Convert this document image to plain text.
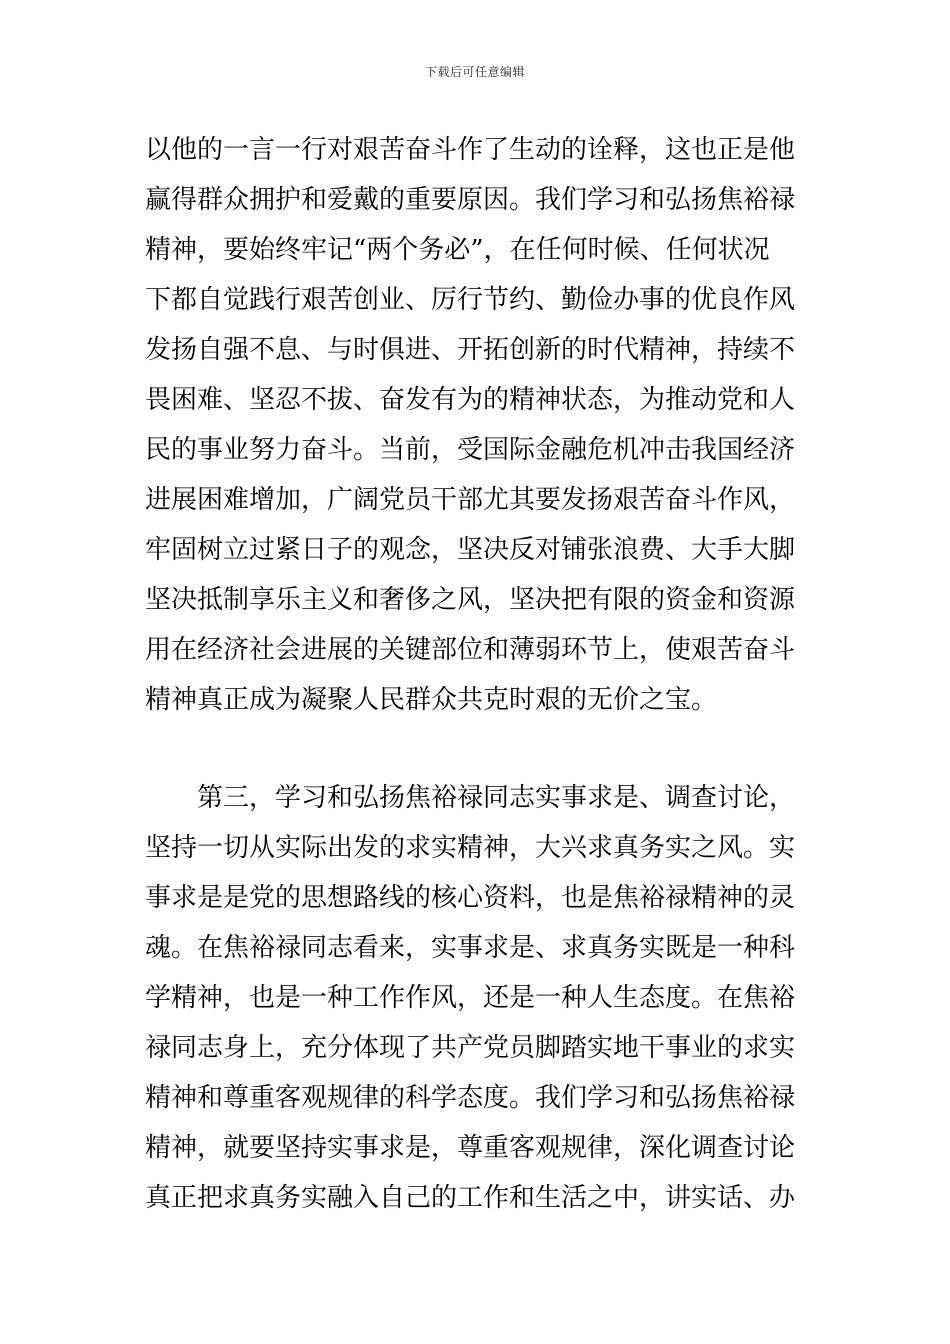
下载后可任意编辑
以他的一言一行对艰苦奋斗作了生动的诠释，这也正是他
赢得群众拥护和爱戴的重要原因。我们学习和弘扬焦裕禄
精神，要始终牢记“两个务必”，在任何时候、任何状况
下都自觉践行艰苦创业、厉行节约、勤俭办事的优良作风
发扬自强不息、与时俱进、开拓创新的时代精神，持续不
畏困难、坚忍不拔、奋发有为的精神状态，为推动党和人
民的事业努力奋斗。当前，受国际金融危机冲击我国经济
进展困难增加，广阔党员干部尤其要发扬艰苦奋斗作风，
牢固树立过紧日子的观念，坚决反对铺张浪费、大手大脚
坚决抵制享乐主义和奢侈之风，坚决把有限的资金和资源
用在经济社会进展的关键部位和薄弱环节上，使艰苦奋斗
精神真正成为凝聚人民群众共克时艰的无价之宝。
第三，学习和弘扬焦裕禄同志实事求是、调查讨论，
坚持一切从实际出发的求实精神，大兴求真务实之风。实
事求是是党的思想路线的核心资料，也是焦裕禄精神的灵
魂。在焦裕禄同志看来，实事求是、求真务实既是一种科
学精神，也是一种工作作风，还是一种人生态度。在焦裕
禄同志身上，充分体现了共产党员脚踏实地干事业的求实
精神和尊重客观规律的科学态度。我们学习和弘扬焦裕禄
精神，就要坚持实事求是，尊重客观规律，深化调查讨论
真正把求真务实融入自己的工作和生活之中，讲实话、办
